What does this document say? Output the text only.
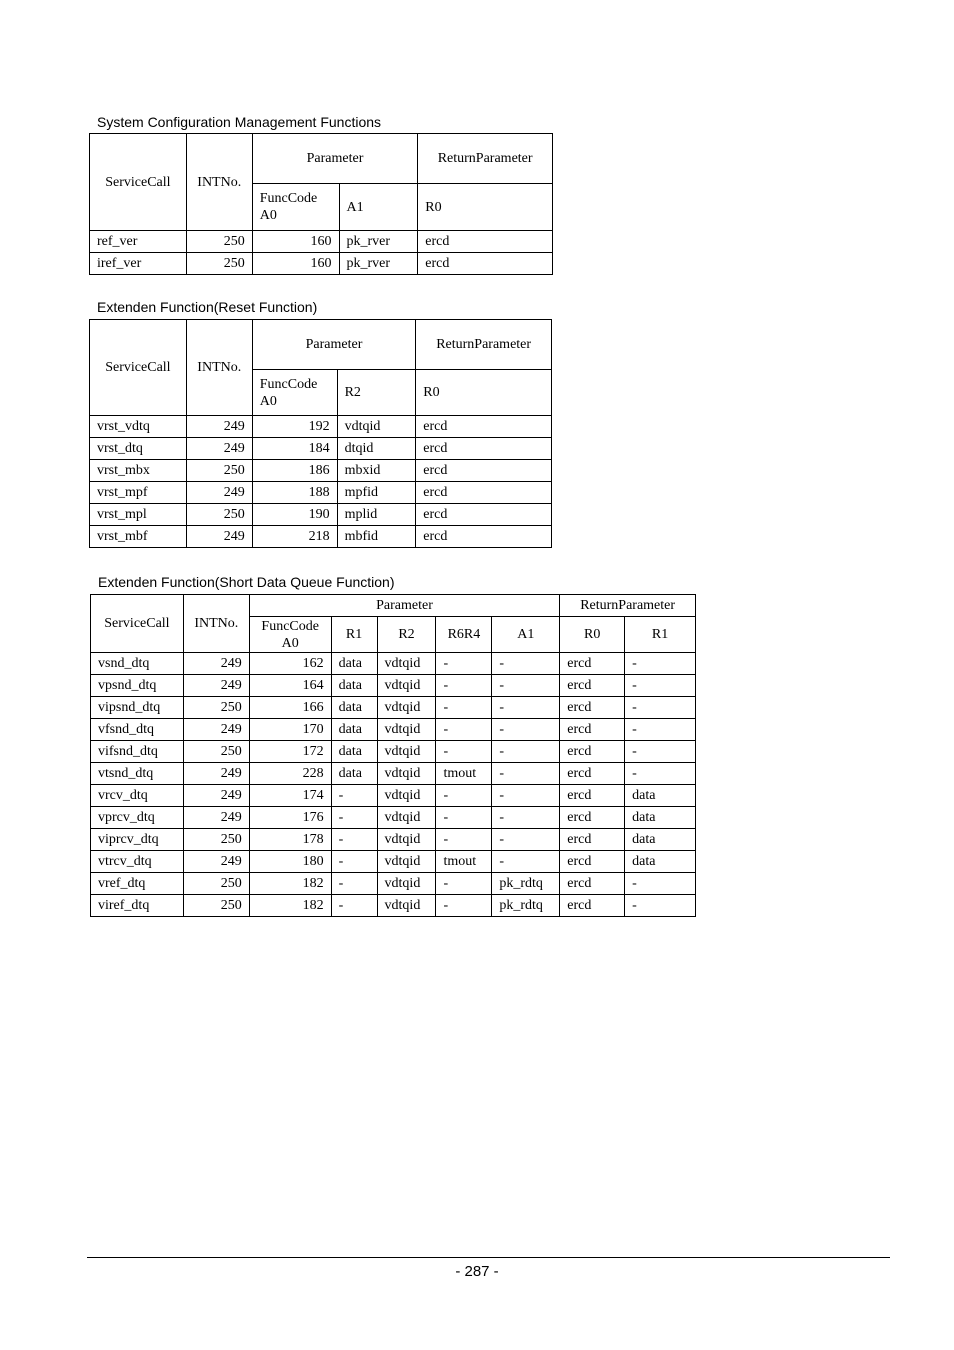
System Configuration Management Functions
ServiceCall	INTNo.	Parameter		ReturnParameter
		FuncCode A0	A1	R0
ref_ver	250	160	pk_rver	ercd
iref_ver	250	160	pk_rver	ercd
Extenden Function(Reset Function)
ServiceCall	INTNo.	Parameter		ReturnParameter
		FuncCode A0	R2	R0
vrst_vdtq	249	192	vdtqid	ercd
vrst_dtq	249	184	dtqid	ercd
vrst_mbx	250	186	mbxid	ercd
vrst_mpf	249	188	mpfid	ercd
vrst_mpl	250	190	mplid	ercd
vrst_mbf	249	218	mbfid	ercd
Extenden Function(Short Data Queue Function)
ServiceCall	INTNo.	Parameter					ReturnParameter	
		FuncCode A0	R1	R2	R6R4	A1	R0	R1
vsnd_dtq	249	162	data	vdtqid	-	-	ercd	-
vpsnd_dtq	249	164	data	vdtqid	-	-	ercd	-
vipsnd_dtq	250	166	data	vdtqid	-	-	ercd	-
vfsnd_dtq	249	170	data	vdtqid	-	-	ercd	-
vifsnd_dtq	250	172	data	vdtqid	-	-	ercd	-
vtsnd_dtq	249	228	data	vdtqid	tmout	-	ercd	-
vrcv_dtq	249	174	-	vdtqid	-	-	ercd	data
vprcv_dtq	249	176	-	vdtqid	-	-	ercd	data
viprcv_dtq	250	178	-	vdtqid	-	-	ercd	data
vtrcv_dtq	249	180	-	vdtqid	tmout	-	ercd	data
vref_dtq	250	182	-	vdtqid	-	pk_rdtq	ercd	-
viref_dtq	250	182	-	vdtqid	-	pk_rdtq	ercd	-
- 287 -
